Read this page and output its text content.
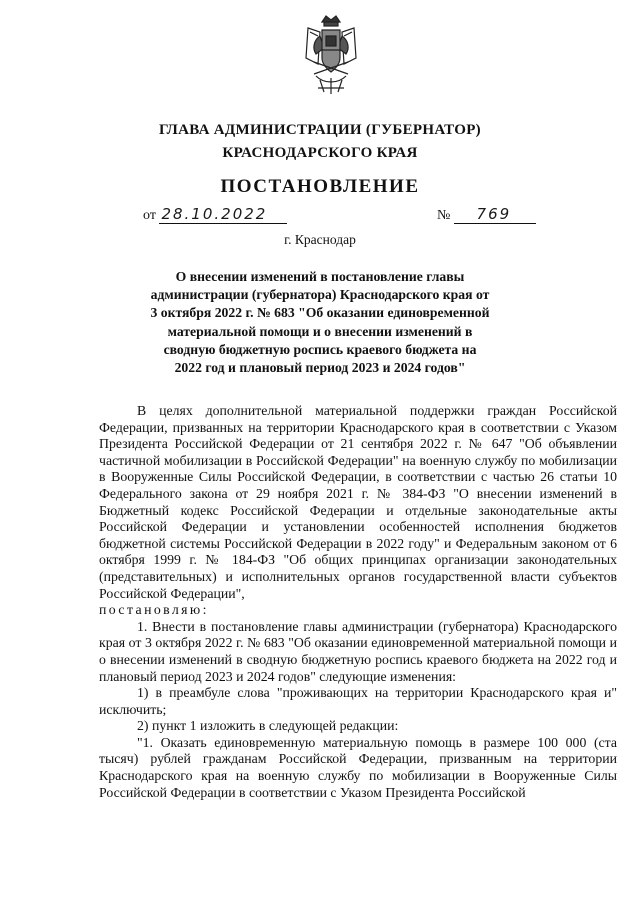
ГЛАВА АДМИНИСТРАЦИИ (ГУБЕРНАТОР)
КРАСНОДАРСКОГО КРАЯ
ПОСТАНОВЛЕНИЕ
от 28.10.2022	№ 769
г. Краснодар
О внесении изменений в постановление главы администрации (губернатора) Краснодарского края от 3 октября 2022 г. № 683 "Об оказании единовременной материальной помощи и о внесении изменений в сводную бюджетную роспись краевого бюджета на 2022 год и плановый период 2023 и 2024 годов"

В целях дополнительной материальной поддержки граждан Российской Федерации, призванных на территории Краснодарского края в соответствии с Указом Президента Российской Федерации от 21 сентября 2022 г. № 647 "Об объявлении частичной мобилизации в Российской Федерации" на военную службу по мобилизации в Вооруженные Силы Российской Федерации, в соответствии с частью 26 статьи 10 Федерального закона от 29 ноября 2021 г. № 384-ФЗ "О внесении изменений в Бюджетный кодекс Российской Федерации и отдельные законодательные акты Российской Федерации и установлении особенностей исполнения бюджетов бюджетной системы Российской Федерации в 2022 году" и Федеральным законом от 6 октября 1999 г. № 184-ФЗ "Об общих принципах организации законодательных (представительных) и исполнительных органов государственной власти субъектов Российской Федерации",

постановляю:

1. Внести в постановление главы администрации (губернатора) Краснодарского края от 3 октября 2022 г. № 683 "Об оказании единовременной материальной помощи и о внесении изменений в сводную бюджетную роспись краевого бюджета на 2022 год и плановый период 2023 и 2024 годов" следующие изменения:

1) в преамбуле слова "проживающих на территории Краснодарского края и" исключить;

2) пункт 1 изложить в следующей редакции:

"1. Оказать единовременную материальную помощь в размере 100 000 (ста тысяч) рублей гражданам Российской Федерации, призванным на территории Краснодарского края на военную службу по мобилизации в Вооруженные Силы Российской Федерации в соответствии с Указом Президента Российской
